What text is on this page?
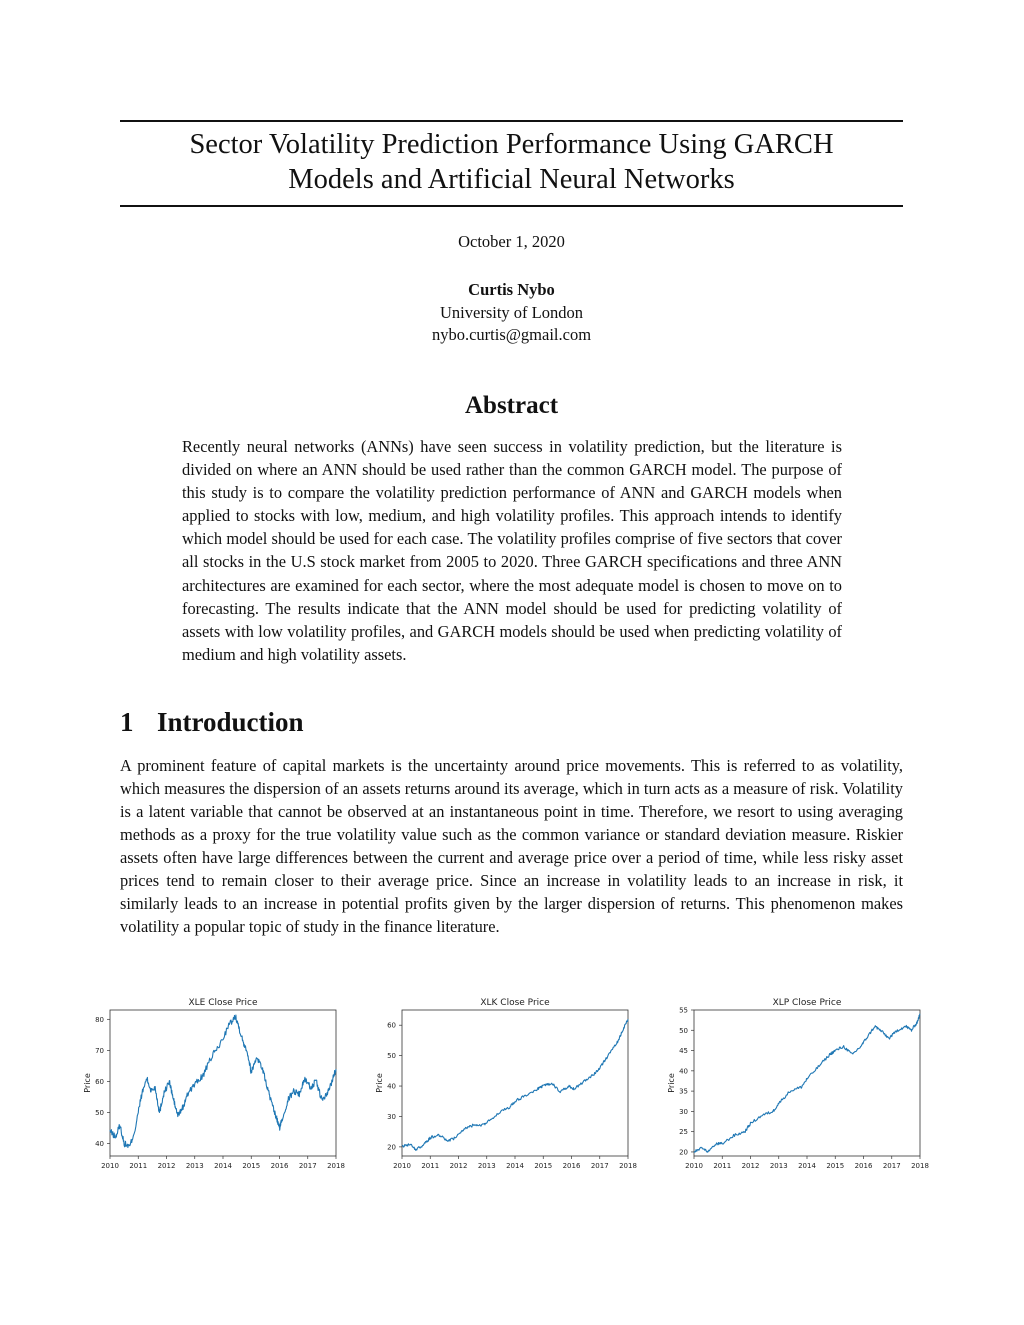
Sector Volatility Prediction Performance Using GARCH
Models and Artificial Neural Networks
October 1, 2020
Curtis Nybo
University of London
nybo.curtis@gmail.com
Abstract
Recently neural networks (ANNs) have seen success in volatility prediction, but the literature is divided on where an ANN should be used rather than the common GARCH model. The purpose of this study is to compare the volatility prediction performance of ANN and GARCH models when applied to stocks with low, medium, and high volatility profiles. This approach intends to identify which model should be used for each case. The volatility profiles comprise of five sectors that cover all stocks in the U.S stock market from 2005 to 2020. Three GARCH specifications and three ANN architectures are examined for each sector, where the most adequate model is chosen to move on to forecasting. The results indicate that the ANN model should be used for predicting volatility of assets with low volatility profiles, and GARCH models should be used when predicting volatility of medium and high volatility assets.
1 Introduction
A prominent feature of capital markets is the uncertainty around price movements. This is referred to as volatility, which measures the dispersion of an assets returns around its average, which in turn acts as a measure of risk. Volatility is a latent variable that cannot be observed at an instantaneous point in time. Therefore, we resort to using averaging methods as a proxy for the true volatility value such as the common variance or standard deviation measure. Riskier assets often have large differences between the current and average price over a period of time, while less risky asset prices tend to remain closer to their average price. Since an increase in volatility leads to an increase in risk, it similarly leads to an increase in potential profits given by the larger dispersion of returns. This phenomenon makes volatility a popular topic of study in the finance literature.
XLE Close Price
2010 2011 2012 2013 2014 2015 2016 2017 2018
40
50
60
70
80
Price
XLK Close Price
2010 2011 2012 2013 2014 2015 2016 2017 2018
20
30
40
50
60
Price
XLP Close Price
2010 2011 2012 2013 2014 2015 2016 2017 2018
20
25
30
35
40
45
50
55
Price
